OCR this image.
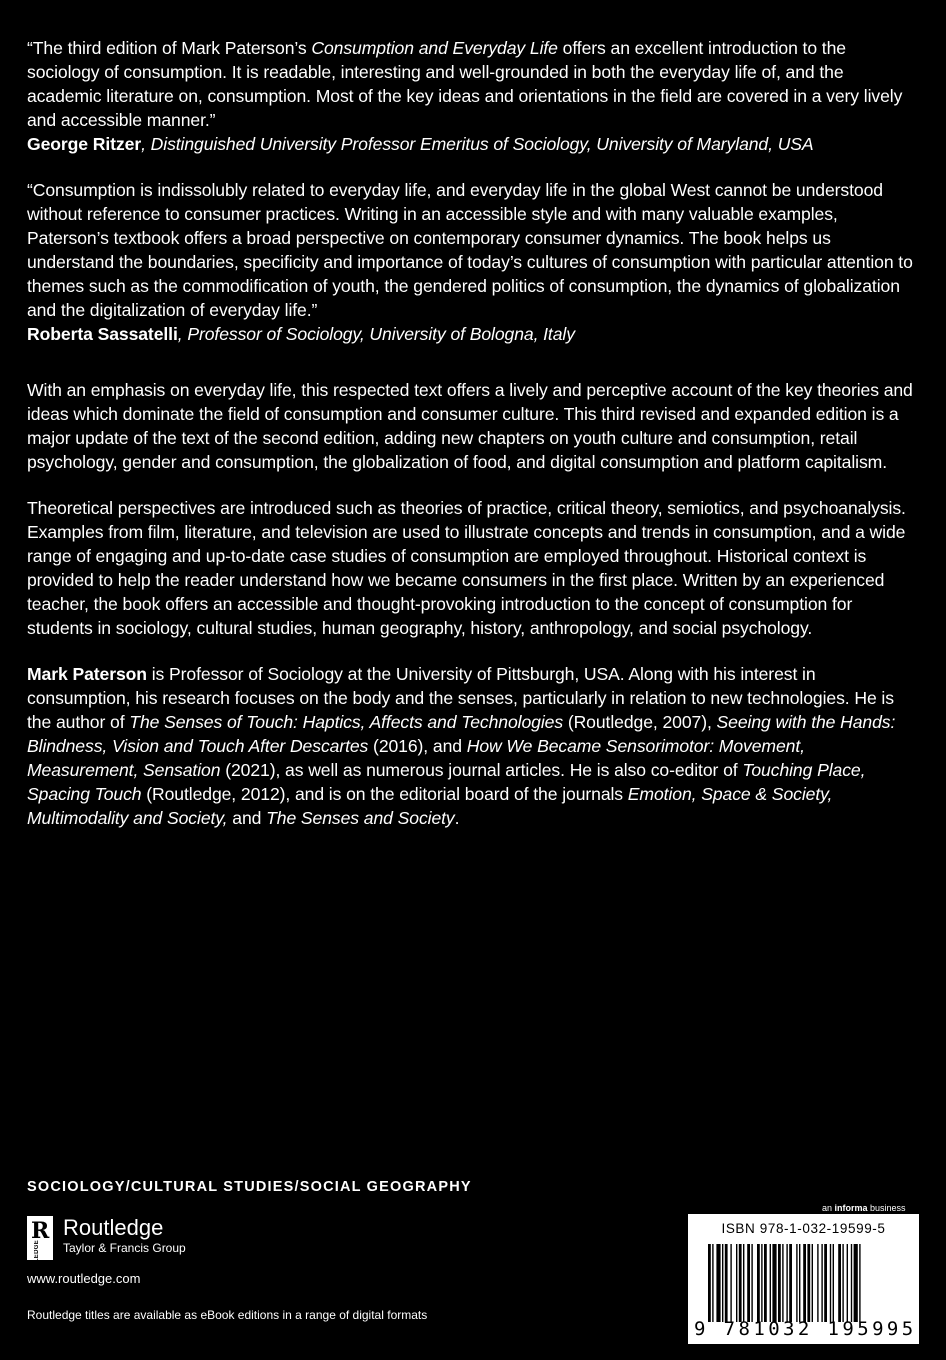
“The third edition of Mark Paterson’s Consumption and Everyday Life offers an excellent introduction to the sociology of consumption. It is readable, interesting and well-grounded in both the everyday life of, and the academic literature on, consumption. Most of the key ideas and orientations in the field are covered in a very lively and accessible manner.”

George Ritzer, Distinguished University Professor Emeritus of Sociology, University of Maryland, USA

“Consumption is indissolubly related to everyday life, and everyday life in the global West cannot be understood without reference to consumer practices. Writing in an accessible style and with many valuable examples, Paterson’s textbook offers a broad perspective on contemporary consumer dynamics. The book helps us understand the boundaries, specificity and importance of today’s cultures of consumption with particular attention to themes such as the commodification of youth, the gendered politics of consumption, the dynamics of globalization and the digitalization of everyday life.”

Roberta Sassatelli, Professor of Sociology, University of Bologna, Italy

With an emphasis on everyday life, this respected text offers a lively and perceptive account of the key theories and ideas which dominate the field of consumption and consumer culture. This third revised and expanded edition is a major update of the text of the second edition, adding new chapters on youth culture and consumption, retail psychology, gender and consumption, the globalization of food, and digital consumption and platform capitalism.

Theoretical perspectives are introduced such as theories of practice, critical theory, semiotics, and psychoanalysis. Examples from film, literature, and television are used to illustrate concepts and trends in consumption, and a wide range of engaging and up-to-date case studies of consumption are employed throughout. Historical context is provided to help the reader understand how we became consumers in the first place. Written by an experienced teacher, the book offers an accessible and thought-provoking introduction to the concept of consumption for students in sociology, cultural studies, human geography, history, anthropology, and social psychology.

Mark Paterson is Professor of Sociology at the University of Pittsburgh, USA. Along with his interest in consumption, his research focuses on the body and the senses, particularly in relation to new technologies. He is the author of The Senses of Touch: Haptics, Affects and Technologies (Routledge, 2007), Seeing with the Hands: Blindness, Vision and Touch After Descartes (2016), and How We Became Sensorimotor: Movement, Measurement, Sensation (2021), as well as numerous journal articles. He is also co-editor of Touching Place, Spacing Touch (Routledge, 2012), and is on the editorial board of the journals Emotion, Space & Society, Multimodality and Society, and The Senses and Society.

SOCIOLOGY/CULTURAL STUDIES/SOCIAL GEOGRAPHY
R
ROUTLEDGE
Routledge
Taylor & Francis Group
www.routledge.com
Routledge titles are available as eBook editions in a range of digital formats
an informa business
ISBN 978-1-032-19599-5
9 781032 195995
